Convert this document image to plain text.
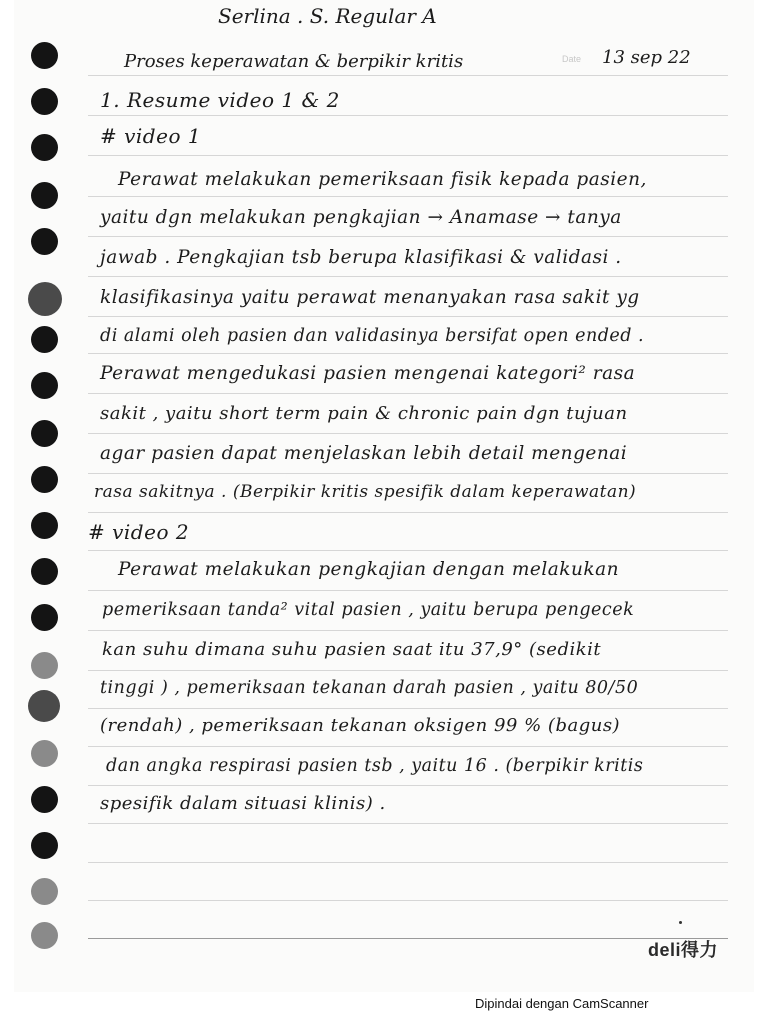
Serlina . S. Regular A
Proses keperawatan & berpikir kritis	Date 13 sep 22
1. Resume video 1 & 2
# video 1
Perawat melakukan pemeriksaan fisik kepada pasien,
yaitu dgn melakukan pengkajian → Anamase → tanya
jawab . Pengkajian tsb berupa klasifikasi & validasi .
klasifikasinya yaitu perawat menanyakan rasa sakit yg
di alami oleh pasien dan validasinya bersifat open ended .
Perawat mengedukasi pasien mengenai kategori² rasa
sakit , yaitu short term pain & chronic pain dgn tujuan
agar pasien dapat menjelaskan lebih detail mengenai
rasa sakitnya . (Berpikir kritis spesifik dalam keperawatan)
# video 2
Perawat melakukan pengkajian dengan melakukan
pemeriksaan tanda² vital pasien , yaitu berupa pengecek
kan suhu dimana suhu pasien saat itu 37,9° (sedikit
tinggi ) , pemeriksaan tekanan darah pasien , yaitu 80/50
(rendah) , pemeriksaan tekanan oksigen 99 % (bagus)
dan angka respirasi pasien tsb , yaitu 16 . (berpikir kritis
spesifik dalam situasi klinis) .
deli得力
Dipindai dengan CamScanner
